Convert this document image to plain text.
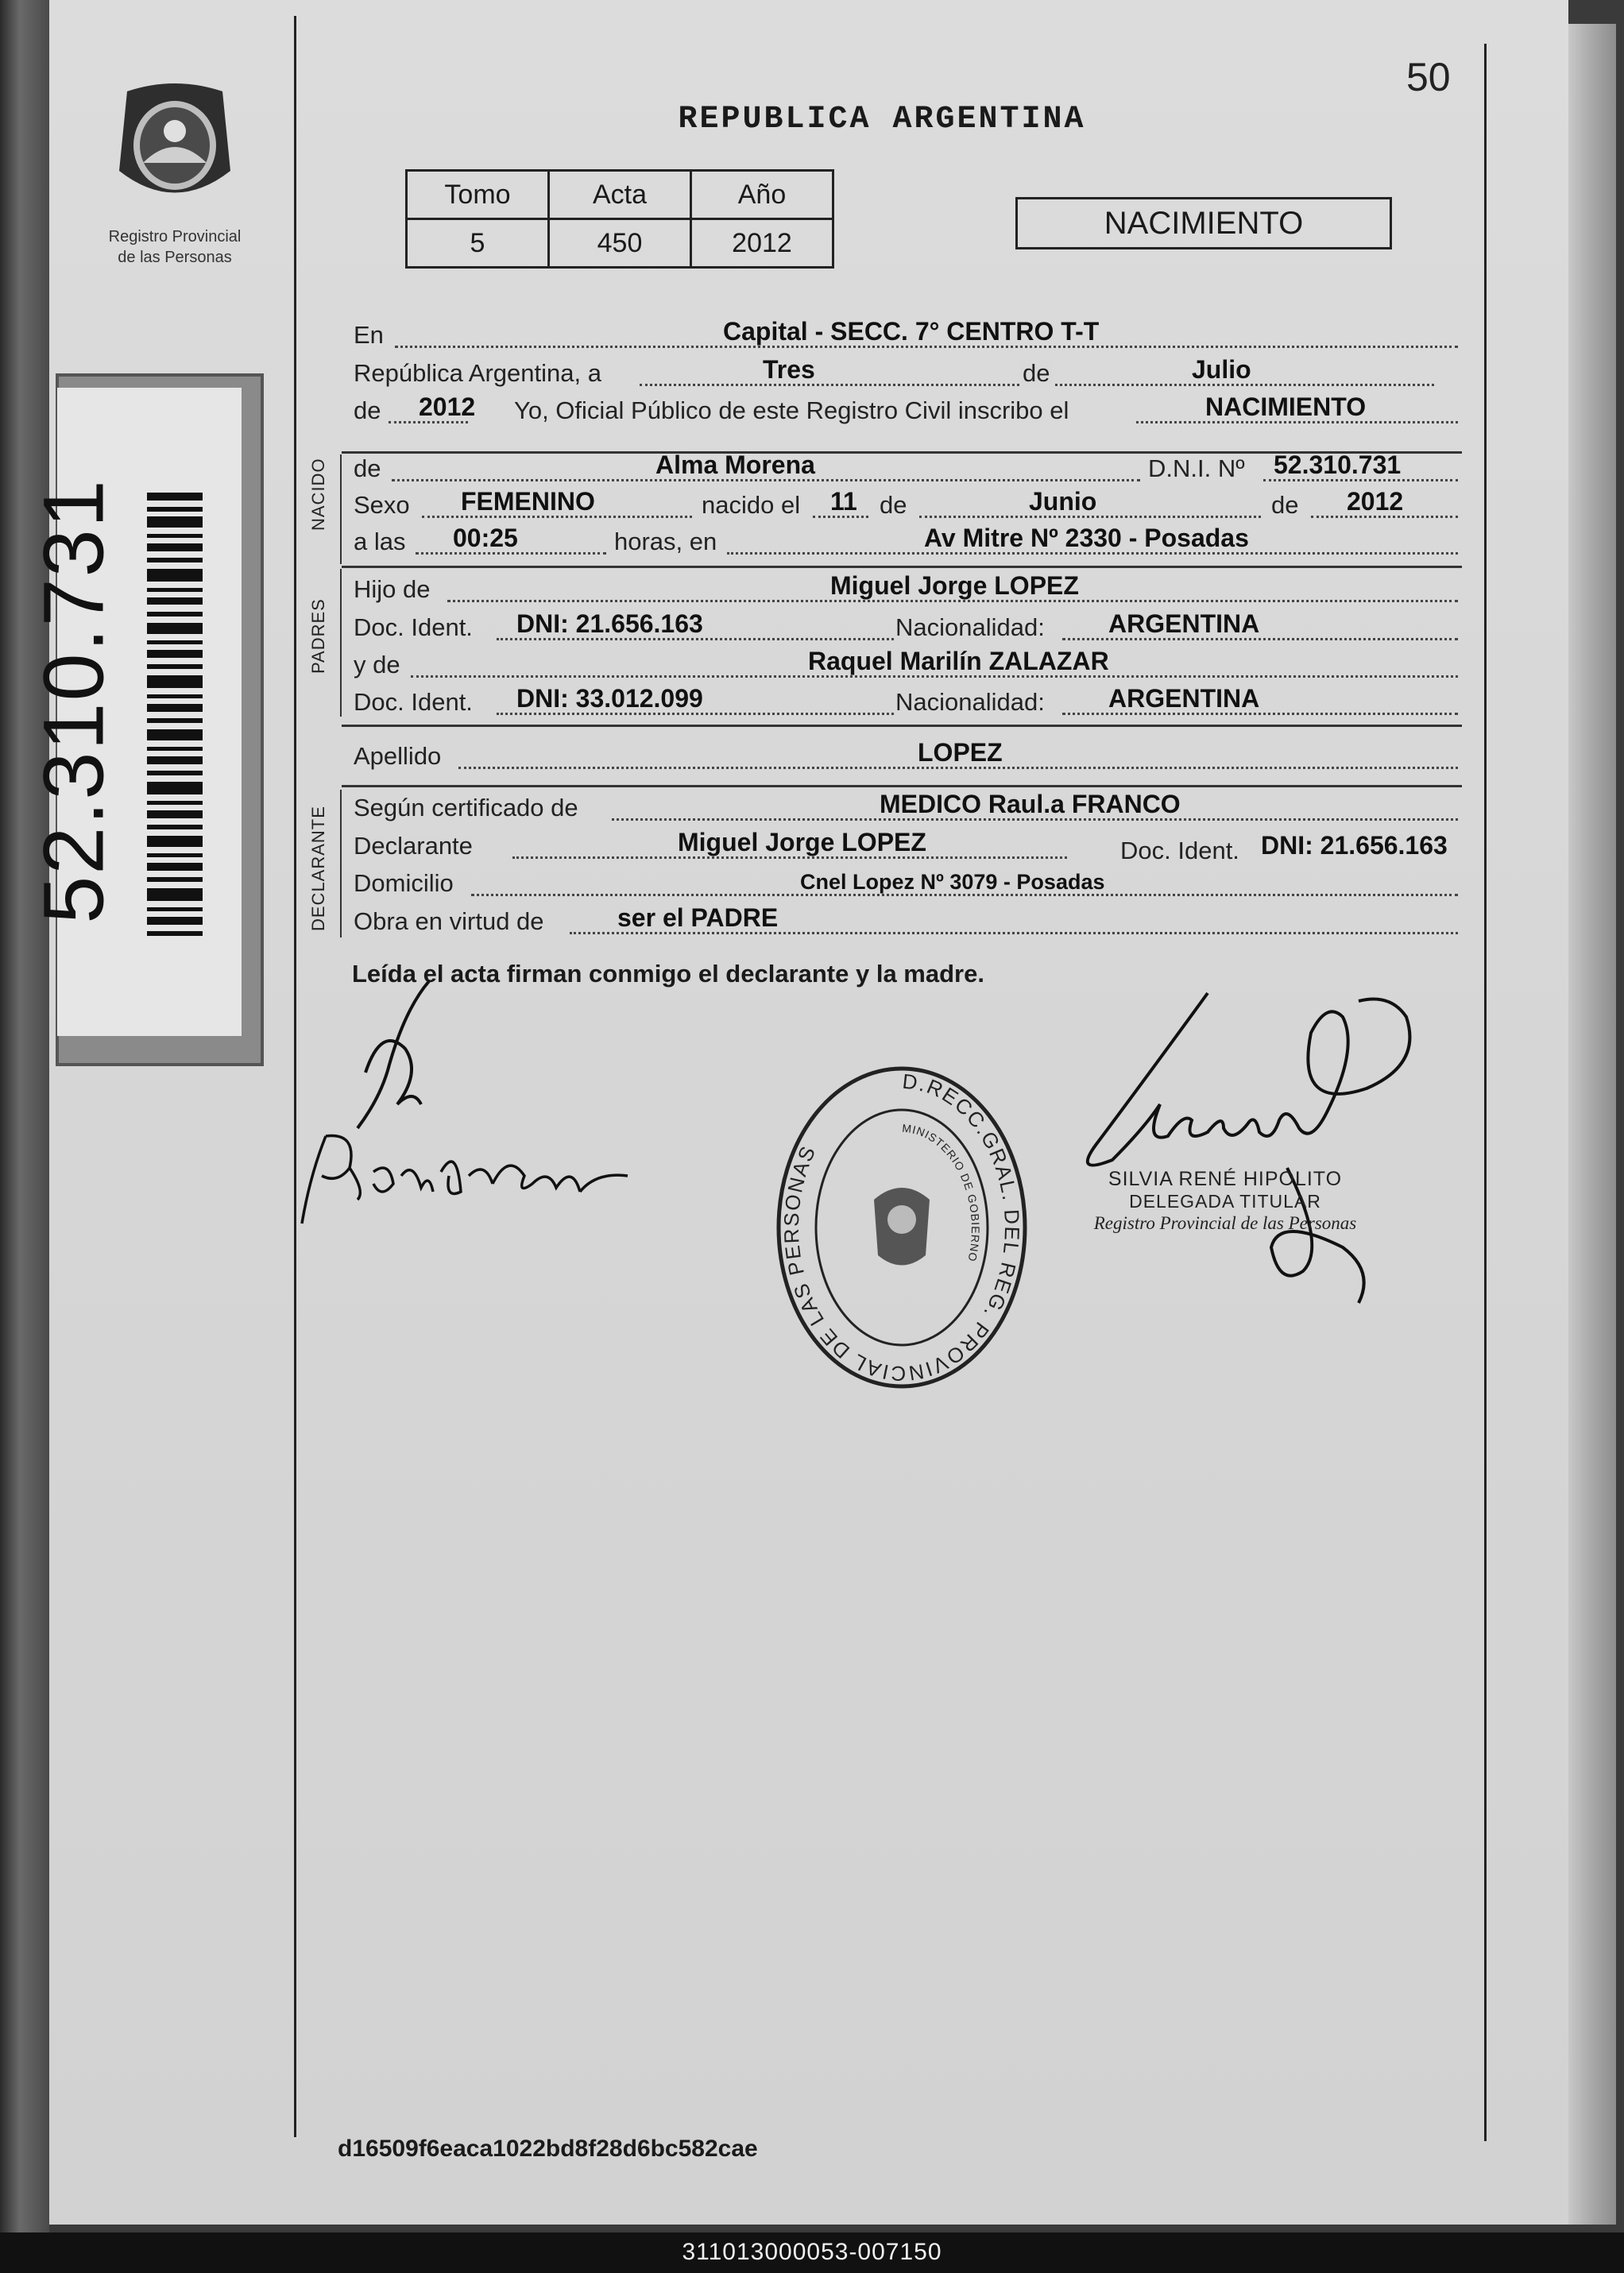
Registro Provincial
de las Personas
52.310.731
50
REPUBLICA ARGENTINA
Tomo	Acta	Año
5	450	2012
NACIMIENTO
En	Capital - SECC. 7° CENTRO T-T
República Argentina, a	Tres	de	Julio
de 2012 Yo, Oficial Público de este Registro Civil inscribo el	NACIMIENTO
NACIDO de	Alma Morena	D.N.I. Nº 52.310.731
Sexo FEMENINO	nacido el 11 de	Junio	de 2012
a las 00:25	horas, en	Av Mitre Nº 2330 - Posadas
PADRES
Hijo de	Miguel Jorge LOPEZ
Doc. Ident. DNI: 21.656.163	Nacionalidad:	ARGENTINA
y de	Raquel Marilín ZALAZAR
Doc. Ident. DNI: 33.012.099	Nacionalidad:	ARGENTINA
Apellido	LOPEZ
DECLARANTE Según certificado de	MEDICO Raul.a FRANCO
Declarante	Miguel Jorge LOPEZ	Doc. Ident. DNI: 21.656.163
Domicilio	Cnel Lopez Nº 3079 - Posadas
Obra en virtud de	ser el PADRE
Leída el acta firman conmigo el declarante y la madre.
D.RECC.GRAL. DEL REG. PROVINCIAL DE LAS PERSONAS
MINISTERIO DE GOBIERNO
SILVIA RENÉ HIPOLITO
DELEGADA TITULAR
Registro Provincial de las Personas
d16509f6eaca1022bd8f28d6bc582cae
311013000053-007150
